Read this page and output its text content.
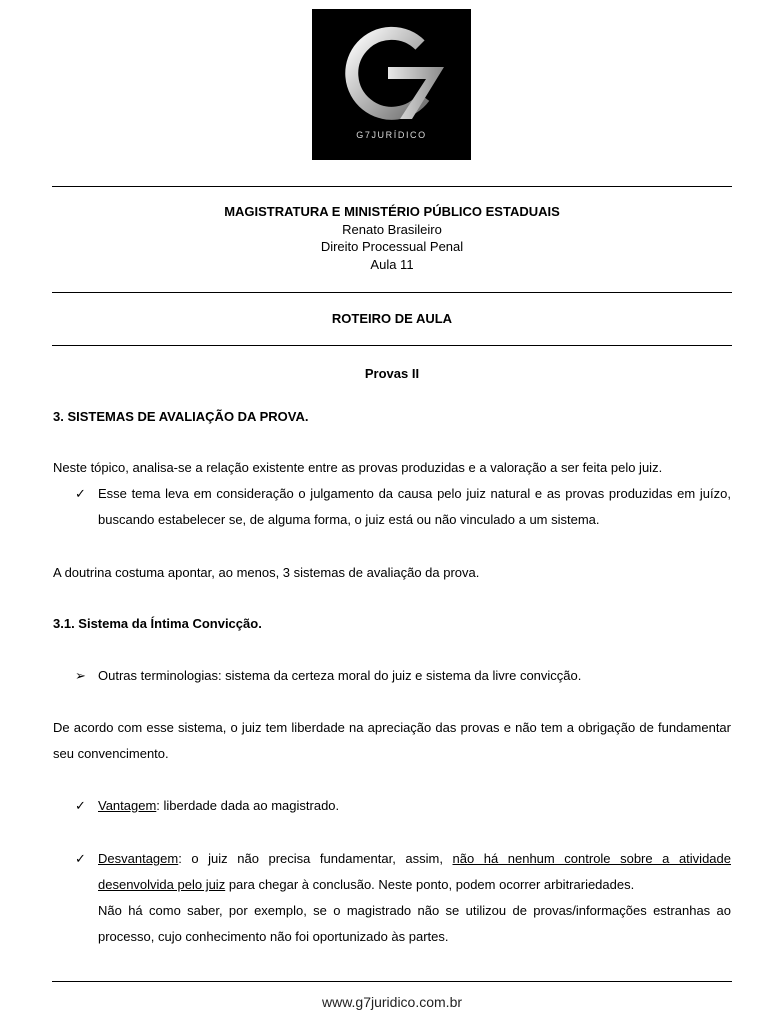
G7JURÍDICO
MAGISTRATURA E MINISTÉRIO PÚBLICO ESTADUAIS
Renato Brasileiro
Direito Processual Penal
Aula 11
ROTEIRO DE AULA
Provas II
3. SISTEMAS DE AVALIAÇÃO DA PROVA.
Neste tópico, analisa-se a relação existente entre as provas produzidas e a valoração a ser feita pelo juiz.
✓ Esse tema leva em consideração o julgamento da causa pelo juiz natural e as provas produzidas em juízo, buscando estabelecer se, de alguma forma, o juiz está ou não vinculado a um sistema.
A doutrina costuma apontar, ao menos, 3 sistemas de avaliação da prova.
3.1. Sistema da Íntima Convicção.
➢ Outras terminologias: sistema da certeza moral do juiz e sistema da livre convicção.
De acordo com esse sistema, o juiz tem liberdade na apreciação das provas e não tem a obrigação de fundamentar seu convencimento.
✓ Vantagem: liberdade dada ao magistrado.
✓ Desvantagem: o juiz não precisa fundamentar, assim, não há nenhum controle sobre a atividade desenvolvida pelo juiz para chegar à conclusão. Neste ponto, podem ocorrer arbitrariedades.
Não há como saber, por exemplo, se o magistrado não se utilizou de provas/informações estranhas ao processo, cujo conhecimento não foi oportunizado às partes.
www.g7juridico.com.br
